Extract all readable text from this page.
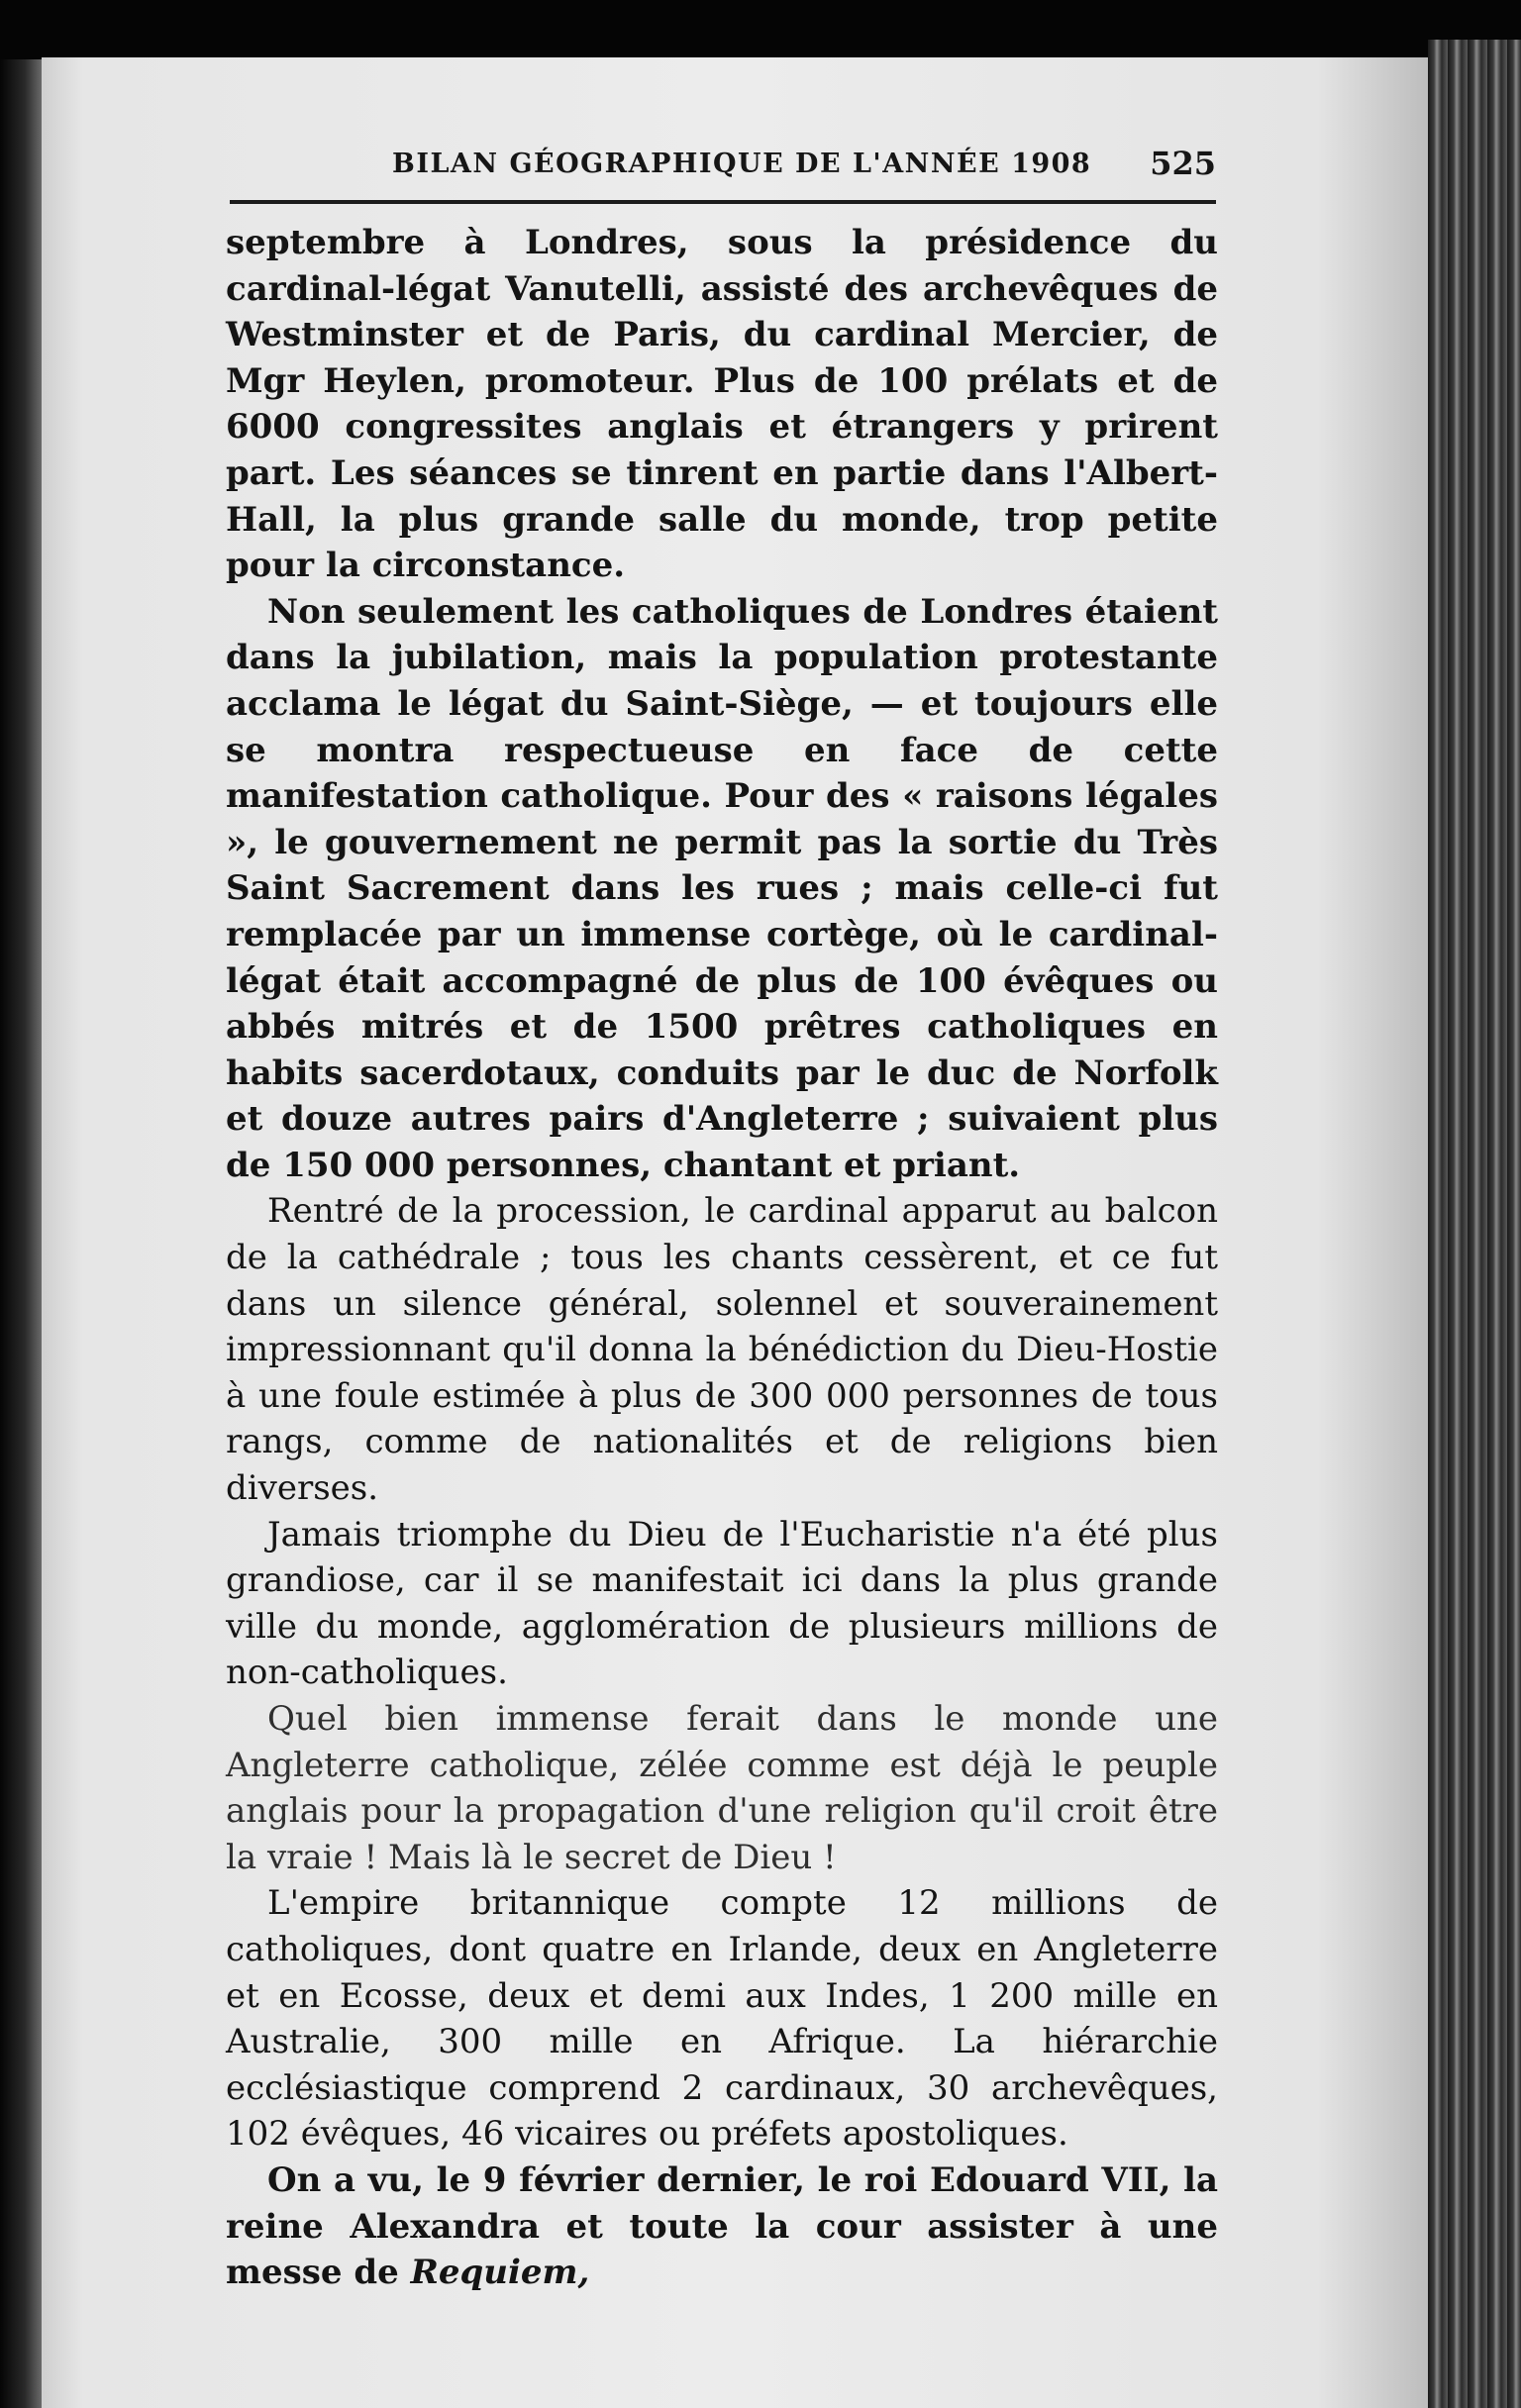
BILAN GÉOGRAPHIQUE DE L'ANNÉE 1908 525

septembre à Londres, sous la présidence du cardinal-légat Vanutelli, assisté des archevêques de Westminster et de Paris, du cardinal Mercier, de Mgr Heylen, promoteur. Plus de 100 prélats et de 6000 congressites anglais et étrangers y prirent part. Les séances se tinrent en partie dans l'Albert-Hall, la plus grande salle du monde, trop petite pour la circonstance.

Non seulement les catholiques de Londres étaient dans la jubilation, mais la population protestante acclama le légat du Saint-Siège, — et toujours elle se montra respectueuse en face de cette manifestation catholique. Pour des « raisons légales », le gouvernement ne permit pas la sortie du Très Saint Sacrement dans les rues ; mais celle-ci fut remplacée par un immense cortège, où le cardinal-légat était accompagné de plus de 100 évêques ou abbés mitrés et de 1500 prêtres catholiques en habits sacerdotaux, conduits par le duc de Norfolk et douze autres pairs d'Angleterre ; suivaient plus de 150 000 personnes, chantant et priant.

Rentré de la procession, le cardinal apparut au balcon de la cathédrale ; tous les chants cessèrent, et ce fut dans un silence général, solennel et souverainement impressionnant qu'il donna la bénédiction du Dieu-Hostie à une foule estimée à plus de 300 000 personnes de tous rangs, comme de nationalités et de religions bien diverses.

Jamais triomphe du Dieu de l'Eucharistie n'a été plus grandiose, car il se manifestait ici dans la plus grande ville du monde, agglomération de plusieurs millions de non-catholiques.

Quel bien immense ferait dans le monde une Angleterre catholique, zélée comme est déjà le peuple anglais pour la propagation d'une religion qu'il croit être la vraie ! Mais là le secret de Dieu !

L'empire britannique compte 12 millions de catholiques, dont quatre en Irlande, deux en Angleterre et en Ecosse, deux et demi aux Indes, 1 200 mille en Australie, 300 mille en Afrique. La hiérarchie ecclésiastique comprend 2 cardinaux, 30 archevêques, 102 évêques, 46 vicaires ou préfets apostoliques.

On a vu, le 9 février dernier, le roi Edouard VII, la reine Alexandra et toute la cour assister à une messe de Requiem,
